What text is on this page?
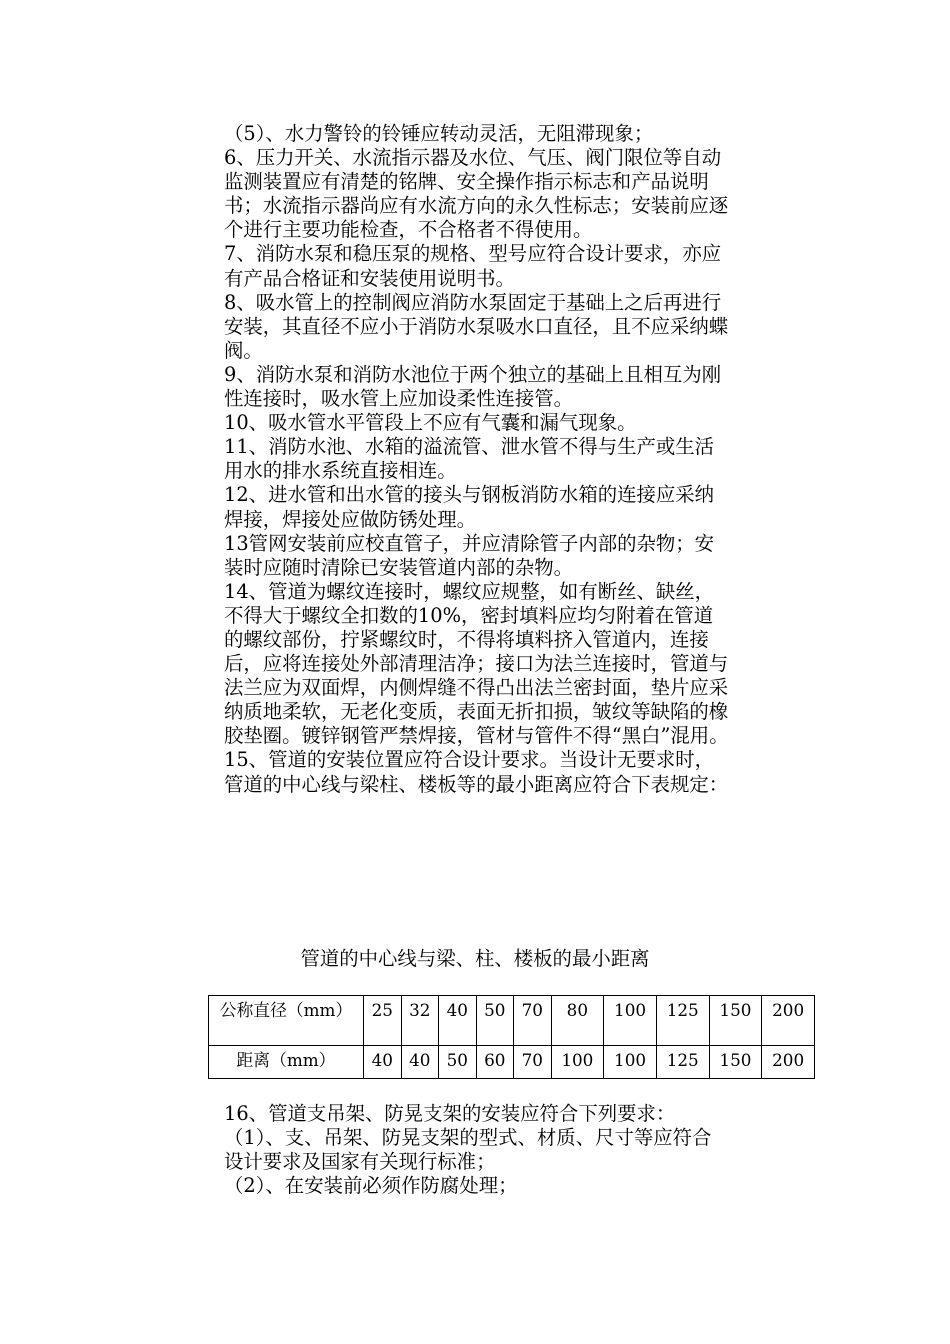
（5）、水力警铃的铃锤应转动灵活，无阻滞现象；

6、压力开关、水流指示器及水位、气压、阀门限位等自动监测装置应有清楚的铭牌、安全操作指示标志和产品说明书；水流指示器尚应有水流方向的永久性标志；安装前应逐个进行主要功能检查，不合格者不得使用。

7、消防水泵和稳压泵的规格、型号应符合设计要求，亦应有产品合格证和安装使用说明书。

8、吸水管上的控制阀应消防水泵固定于基础上之后再进行安装，其直径不应小于消防水泵吸水口直径，且不应采纳蝶阀。

9、消防水泵和消防水池位于两个独立的基础上且相互为刚性连接时，吸水管上应加设柔性连接管。

10、吸水管水平管段上不应有气囊和漏气现象。

11、消防水池、水箱的溢流管、泄水管不得与生产或生活用水的排水系统直接相连。

12、进水管和出水管的接头与钢板消防水箱的连接应采纳焊接，焊接处应做防锈处理。

13管网安装前应校直管子，并应清除管子内部的杂物；安装时应随时清除已安装管道内部的杂物。

14、管道为螺纹连接时，螺纹应规整，如有断丝、缺丝，不得大于螺纹全扣数的10%，密封填料应均匀附着在管道的螺纹部份，拧紧螺纹时，不得将填料挤入管道内，连接后，应将连接处外部清理洁净；接口为法兰连接时，管道与法兰应为双面焊，内侧焊缝不得凸出法兰密封面，垫片应采纳质地柔软，无老化变质，表面无折扣损，皱纹等缺陷的橡胶垫圈。镀锌钢管严禁焊接，管材与管件不得“黑白”混用。

15、管道的安装位置应符合设计要求。当设计无要求时，管道的中心线与梁柱、楼板等的最小距离应符合下表规定：

管道的中心线与梁、柱、楼板的最小距离
公称直径（mm）	25	32	40	50	70	80	100	125	150	200
距离（mm）	40	40	50	60	70	100	100	125	150	200

16、管道支吊架、防晃支架的安装应符合下列要求：

（1）、支、吊架、防晃支架的型式、材质、尺寸等应符合设计要求及国家有关现行标准；

（2）、在安装前必须作防腐处理；
